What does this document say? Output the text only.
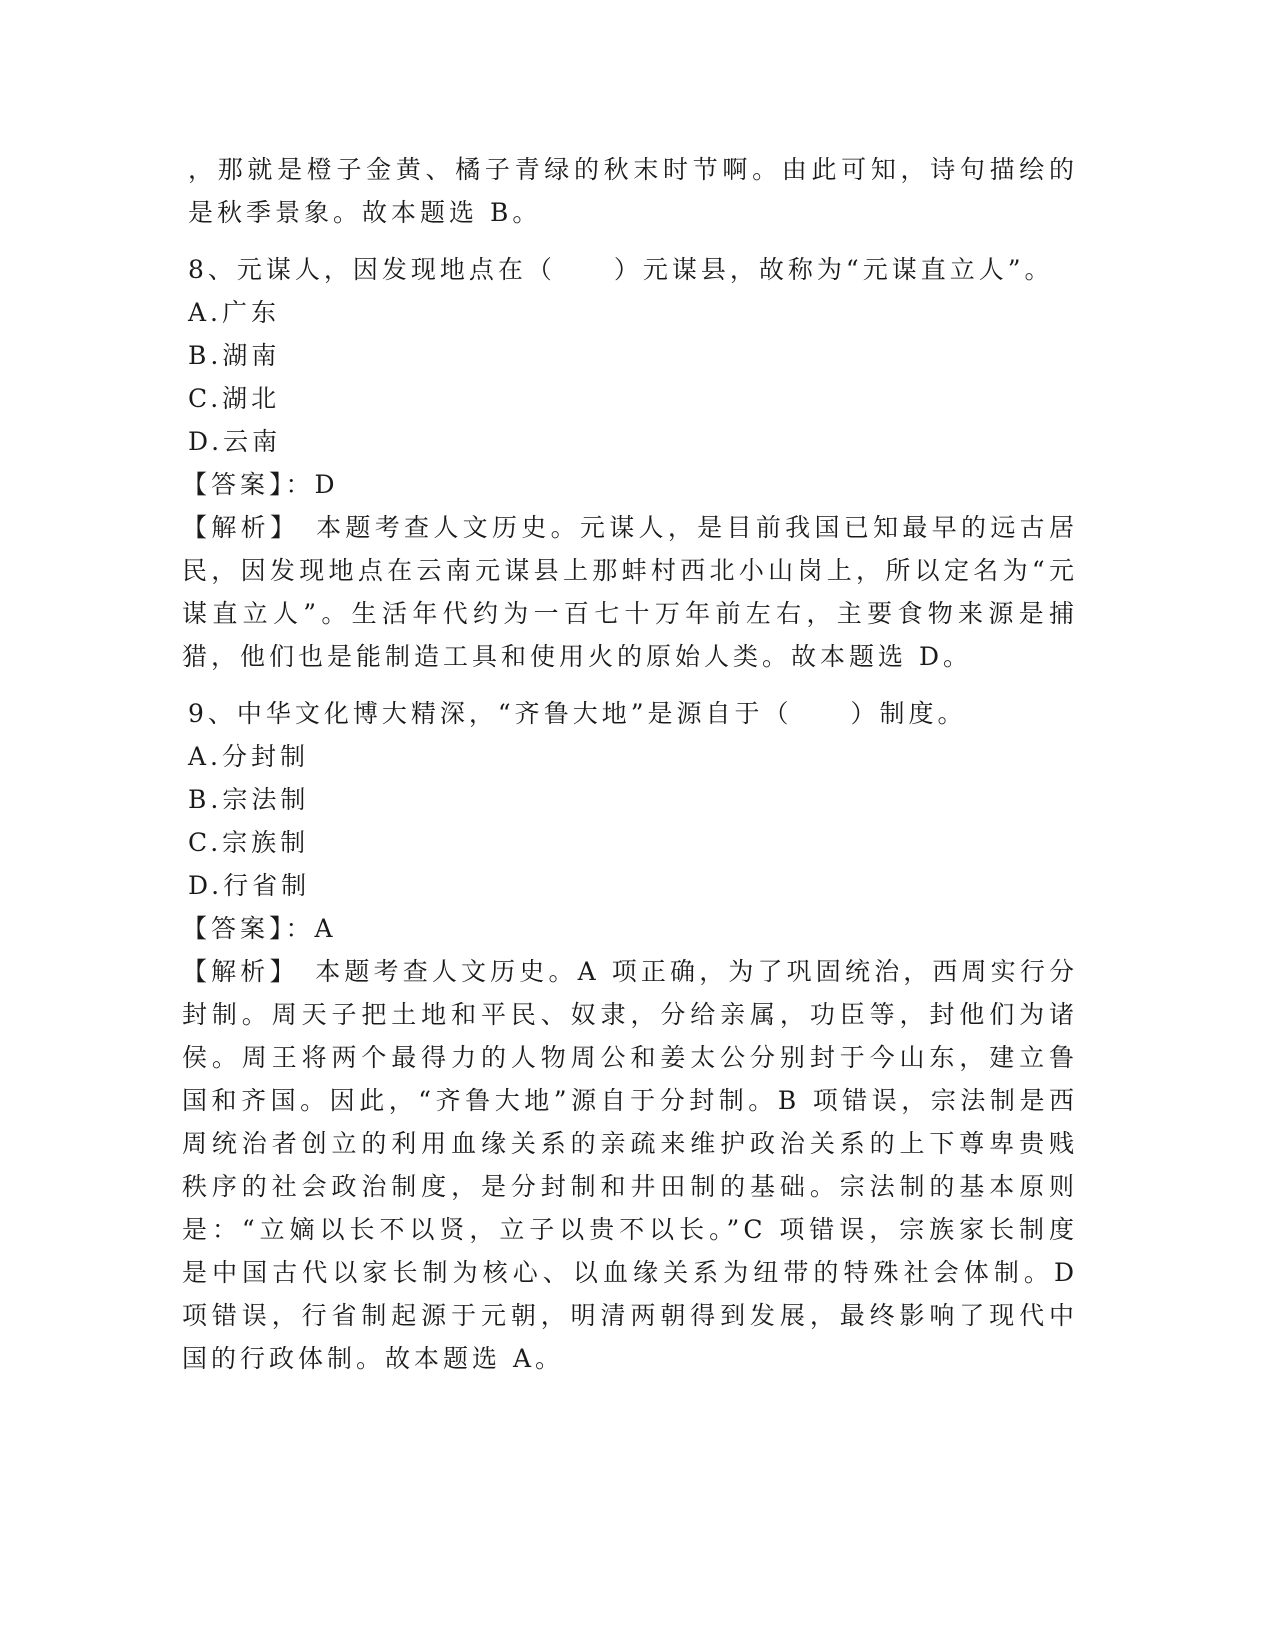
，那就是橙子金黄、橘子青绿的秋末时节啊。由此可知，诗句描绘的是秋季景象。故本题选 B。

8、元谋人，因发现地点在（　　）元谋县，故称为“元谋直立人”。

A.广东

B.湖南

C.湖北

D.云南

【答案】：D

【解析】　本题考查人文历史。元谋人，是目前我国已知最早的远古居民，因发现地点在云南元谋县上那蚌村西北小山岗上，所以定名为“元谋直立人”。生活年代约为一百七十万年前左右，主要食物来源是捕猎，他们也是能制造工具和使用火的原始人类。故本题选 D。

9、中华文化博大精深，“齐鲁大地”是源自于（　　）制度。

A.分封制

B.宗法制

C.宗族制

D.行省制

【答案】：A

【解析】　本题考查人文历史。A 项正确，为了巩固统治，西周实行分封制。周天子把土地和平民、奴隶，分给亲属，功臣等，封他们为诸侯。周王将两个最得力的人物周公和姜太公分别封于今山东，建立鲁国和齐国。因此，“齐鲁大地”源自于分封制。B 项错误，宗法制是西周统治者创立的利用血缘关系的亲疏来维护政治关系的上下尊卑贵贱秩序的社会政治制度，是分封制和井田制的基础。宗法制的基本原则是：“立嫡以长不以贤，立子以贵不以长。”C 项错误，宗族家长制度是中国古代以家长制为核心、以血缘关系为纽带的特殊社会体制。D 项错误，行省制起源于元朝，明清两朝得到发展，最终影响了现代中国的行政体制。故本题选 A。
